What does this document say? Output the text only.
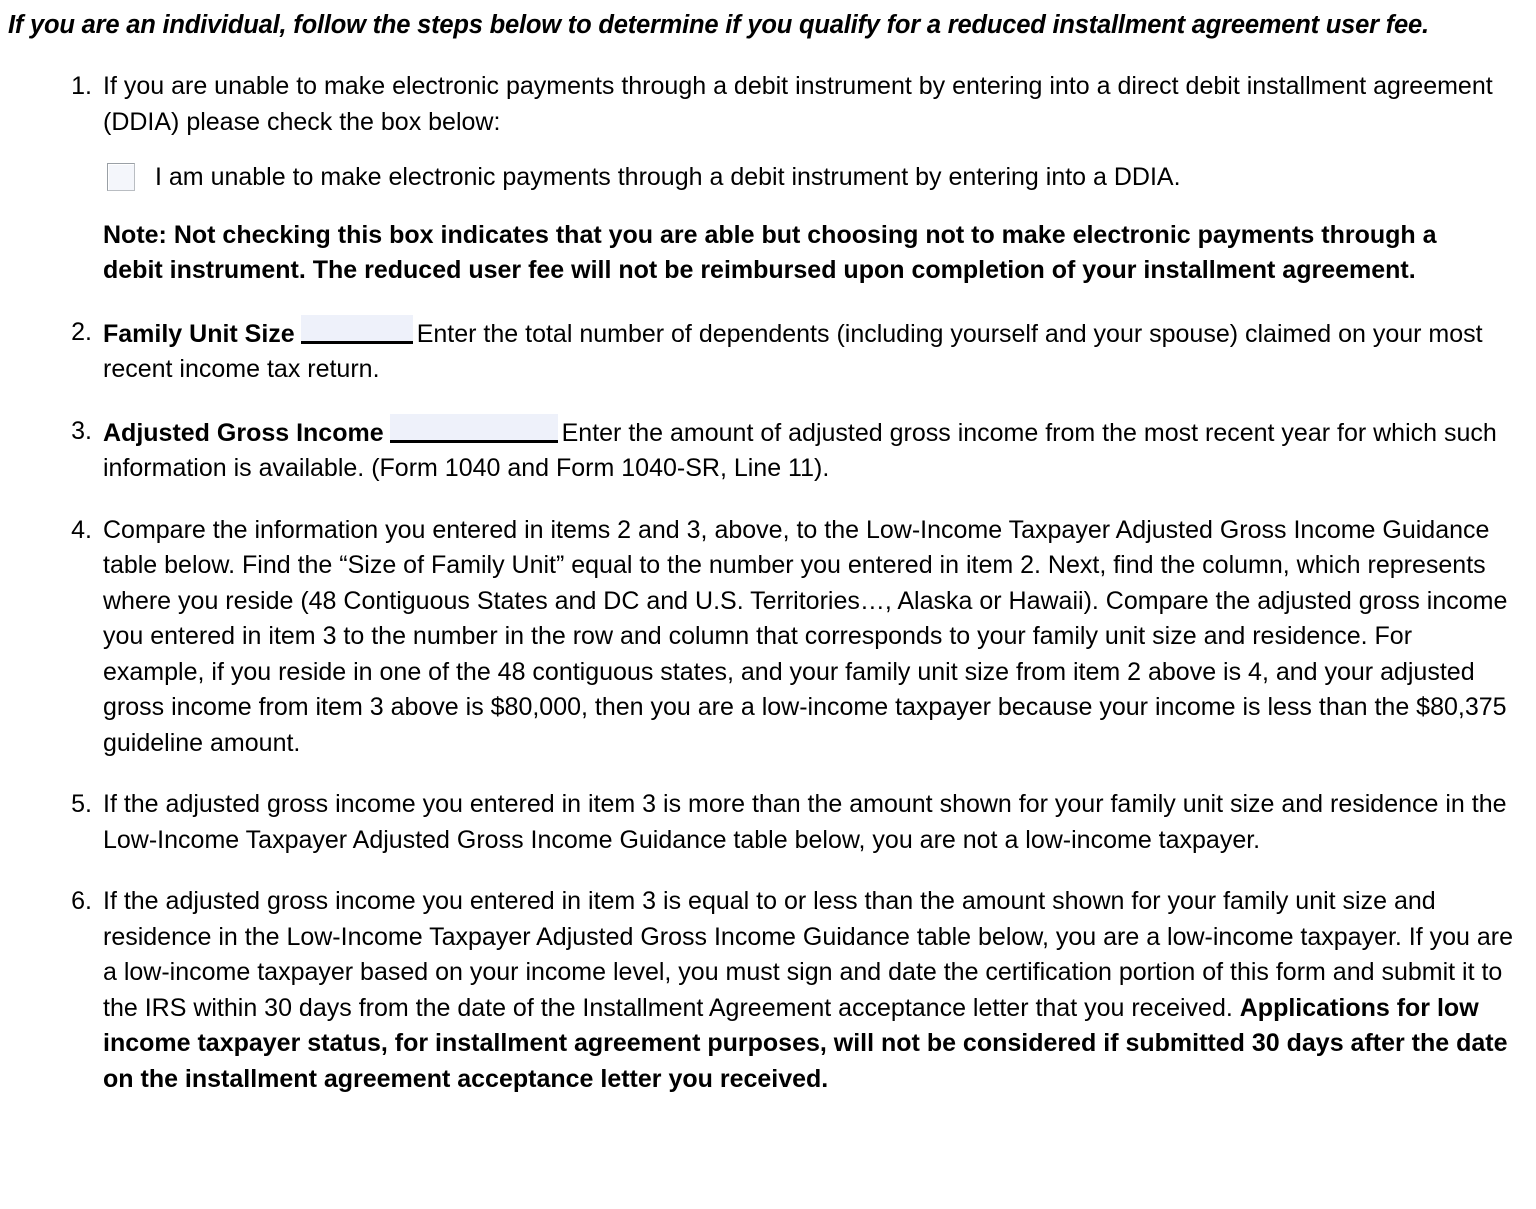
If you are an individual, follow the steps below to determine if you qualify for a reduced installment agreement user fee.

1. If you are unable to make electronic payments through a debit instrument by entering into a direct debit installment agreement (DDIA) please check the box below:
I am unable to make electronic payments through a debit instrument by entering into a DDIA.
Note: Not checking this box indicates that you are able but choosing not to make electronic payments through a debit instrument. The reduced user fee will not be reimbursed upon completion of your installment agreement.
2. Family Unit Size	Enter the total number of dependents (including yourself and your spouse) claimed on your most recent income tax return.
3. Adjusted Gross Income	Enter the amount of adjusted gross income from the most recent year for which such information is available. (Form 1040 and Form 1040-SR, Line 11).
4. Compare the information you entered in items 2 and 3, above, to the Low-Income Taxpayer Adjusted Gross Income Guidance table below. Find the “Size of Family Unit” equal to the number you entered in item 2. Next, find the column, which represents where you reside (48 Contiguous States and DC and U.S. Territories…, Alaska or Hawaii). Compare the adjusted gross income you entered in item 3 to the number in the row and column that corresponds to your family unit size and residence. For example, if you reside in one of the 48 contiguous states, and your family unit size from item 2 above is 4, and your adjusted gross income from item 3 above is $80,000, then you are a low-income taxpayer because your income is less than the $80,375 guideline amount.
5. If the adjusted gross income you entered in item 3 is more than the amount shown for your family unit size and residence in the Low-Income Taxpayer Adjusted Gross Income Guidance table below, you are not a low-income taxpayer.
6. If the adjusted gross income you entered in item 3 is equal to or less than the amount shown for your family unit size and residence in the Low-Income Taxpayer Adjusted Gross Income Guidance table below, you are a low-income taxpayer. If you are a low-income taxpayer based on your income level, you must sign and date the certification portion of this form and submit it to the IRS within 30 days from the date of the Installment Agreement acceptance letter that you received. Applications for low income taxpayer status, for installment agreement purposes, will not be considered if submitted 30 days after the date on the installment agreement acceptance letter you received.
